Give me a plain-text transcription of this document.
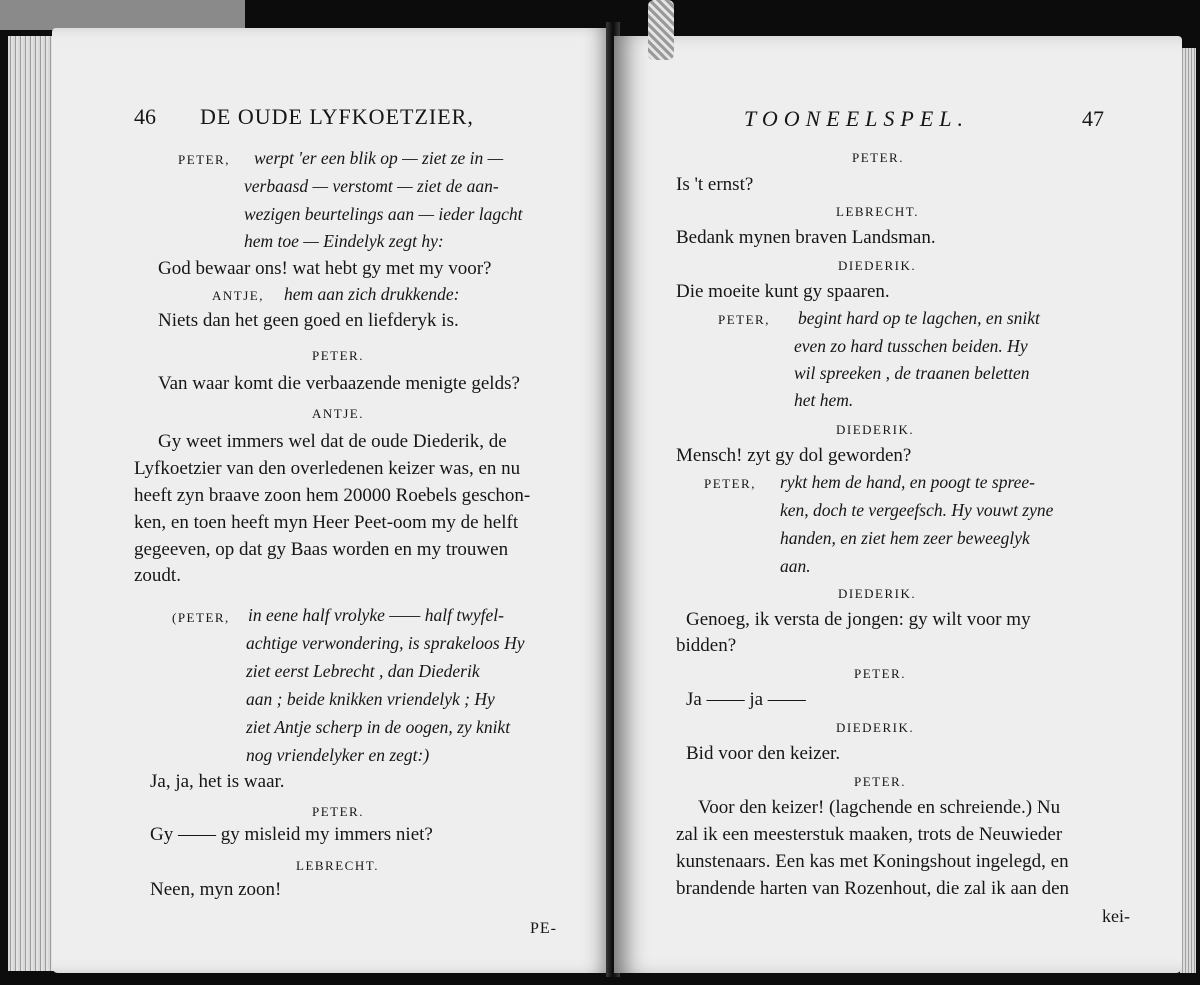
46 DE OUDE LYFKOETZIER,
PETER, werpt 'er een blik op — ziet ze in —
verbaasd — verstomt — ziet de aan-
wezigen beurtelings aan — ieder lagcht
hem toe — Eindelyk zegt hy:
God bewaar ons! wat hebt gy met my voor?
ANTJE, hem aan zich drukkende:
Niets dan het geen goed en liefderyk is.
PETER.
Van waar komt die verbaazende menigte gelds?
ANTJE.
Gy weet immers wel dat de oude Diederik, de
Lyfkoetzier van den overledenen keizer was, en nu
heeft zyn braave zoon hem 20000 Roebels geschon-
ken, en toen heeft myn Heer Peet-oom my de helft
gegeeven, op dat gy Baas worden en my trouwen
zoudt.
(PETER, in eene half vrolyke —— half twyfel-
achtige verwondering, is sprakeloos Hy
ziet eerst Lebrecht , dan Diederik
aan ; beide knikken vriendelyk ; Hy
ziet Antje scherp in de oogen, zy knikt
nog vriendelyker en zegt:)
Ja, ja, het is waar.
PETER.
Gy —— gy misleid my immers niet?
LEBRECHT.
Neen, myn zoon!
PE-
TOONEELSPEL.	47
PETER.
Is 't ernst?
LEBRECHT.
Bedank mynen braven Landsman.
DIEDERIK.
Die moeite kunt gy spaaren.
PETER, begint hard op te lagchen, en snikt
even zo hard tusschen beiden. Hy
wil spreeken , de traanen beletten
het hem.
DIEDERIK.
Mensch! zyt gy dol geworden?
PETER, rykt hem de hand, en poogt te spree-
ken, doch te vergeefsch. Hy vouwt zyne
handen, en ziet hem zeer beweeglyk
aan.
DIEDERIK.
Genoeg, ik versta de jongen: gy wilt voor my
bidden?
PETER.
Ja —— ja ——
DIEDERIK.
Bid voor den keizer.
PETER.
Voor den keizer! (lagchende en schreiende.) Nu
zal ik een meesterstuk maaken, trots de Neuwieder
kunstenaars. Een kas met Koningshout ingelegd, en
brandende harten van Rozenhout, die zal ik aan den
kei-
